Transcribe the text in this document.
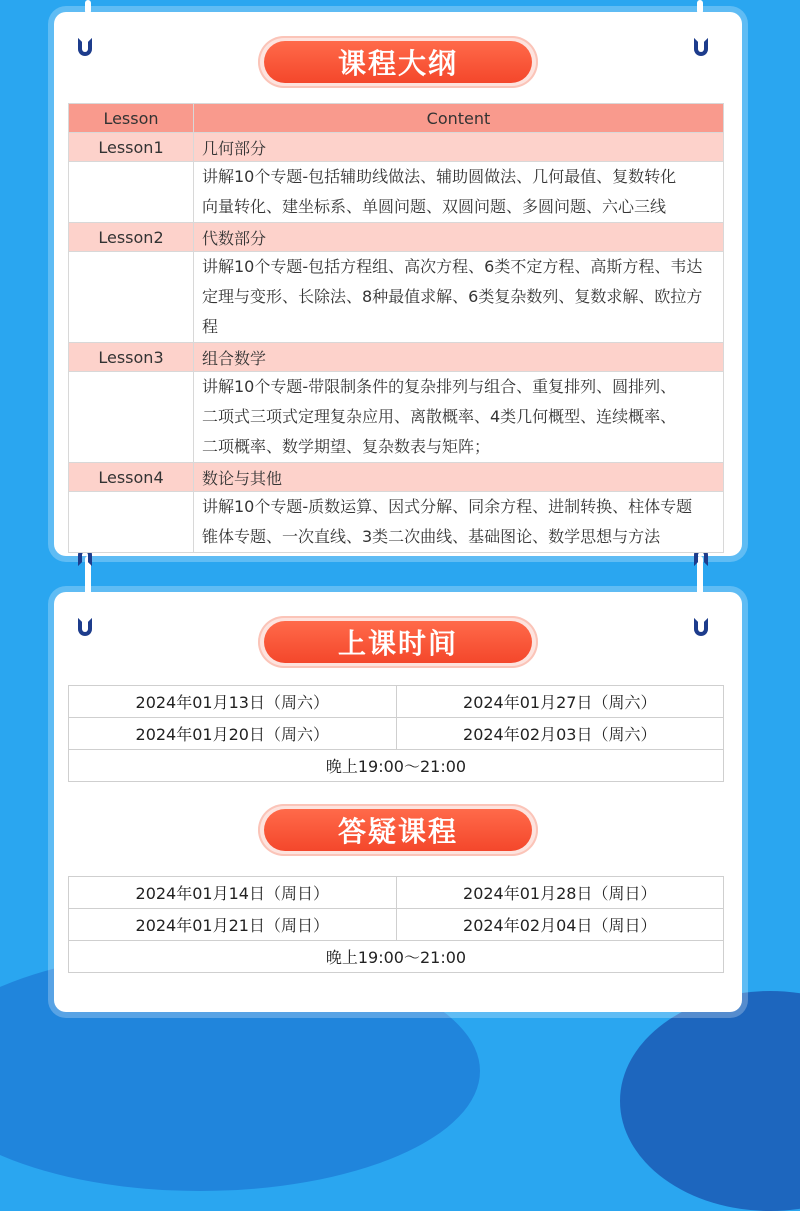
课程大纲
Lesson	Content
Lesson1	几何部分

	讲解10个专题-包括辅助线做法、辅助圆做法、几何最值、复数转化
向量转化、建坐标系、单圆问题、双圆问题、多圆问题、六心三线

Lesson2	代数部分

	讲解10个专题-包括方程组、高次方程、6类不定方程、高斯方程、韦达
定理与变形、长除法、8种最值求解、6类复杂数列、复数求解、欧拉方程

Lesson3	组合数学

	讲解10个专题-带限制条件的复杂排列与组合、重复排列、圆排列、
二项式三项式定理复杂应用、离散概率、4类几何概型、连续概率、
二项概率、数学期望、复杂数表与矩阵；

Lesson4	数论与其他

	讲解10个专题-质数运算、因式分解、同余方程、进制转换、柱体专题
锥体专题、一次直线、3类二次曲线、基础图论、数学思想与方法
上课时间
2024年01月13日（周六）	2024年01月27日（周六）
2024年01月20日（周六）	2024年02月03日（周六）
晚上19:00～21:00	
答疑课程
2024年01月14日（周日）	2024年01月28日（周日）
2024年01月21日（周日）	2024年02月04日（周日）
晚上19:00～21:00	
